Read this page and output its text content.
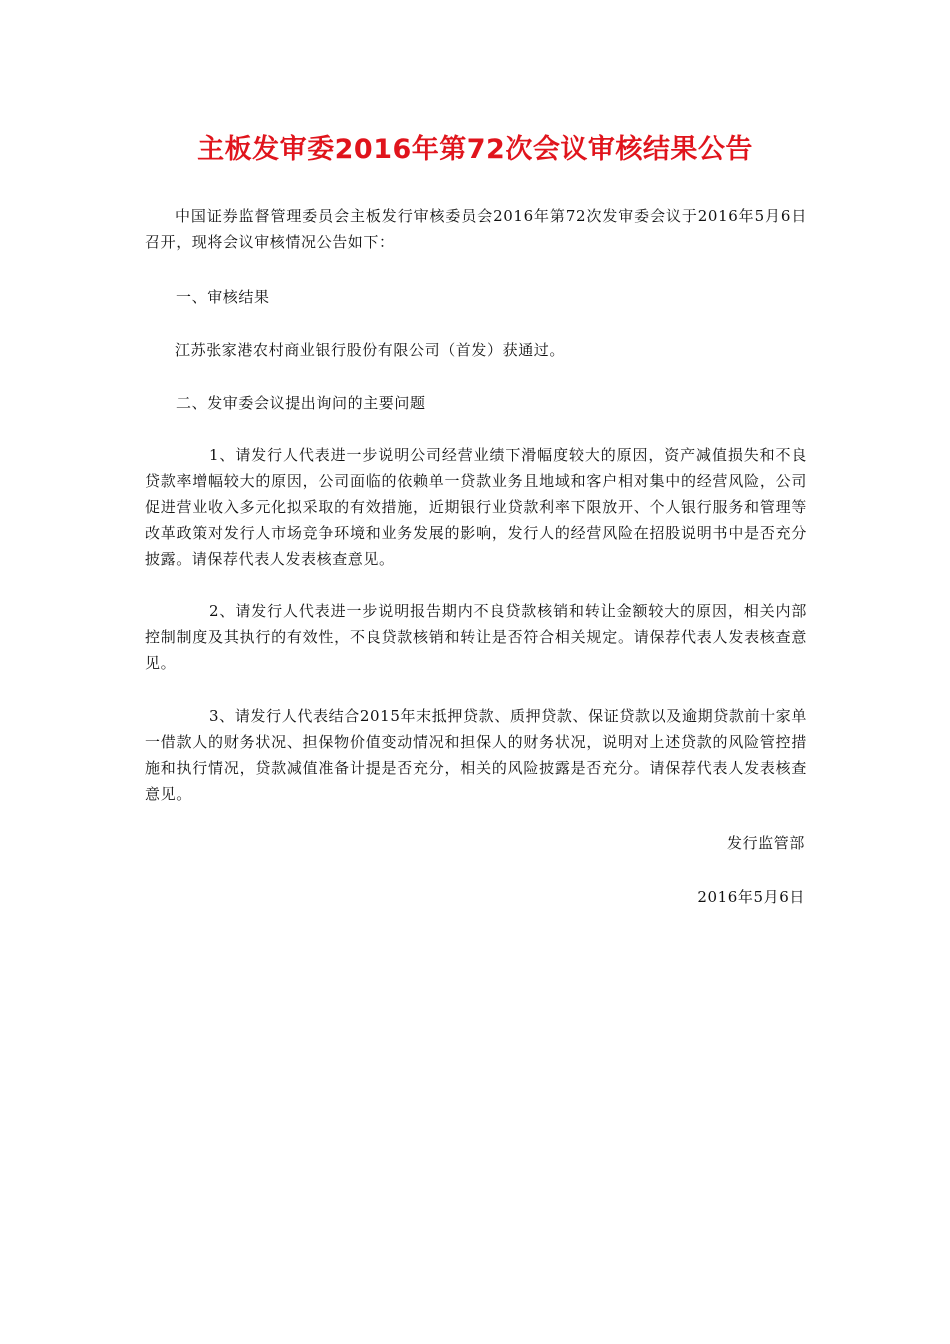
主板发审委2016年第72次会议审核结果公告

中国证券监督管理委员会主板发行审核委员会2016年第72次发审委会议于2016年5月6日召开，现将会议审核情况公告如下：

一、审核结果

江苏张家港农村商业银行股份有限公司（首发）获通过。

二、发审委会议提出询问的主要问题

1、请发行人代表进一步说明公司经营业绩下滑幅度较大的原因，资产减值损失和不良贷款率增幅较大的原因，公司面临的依赖单一贷款业务且地域和客户相对集中的经营风险，公司促进营业收入多元化拟采取的有效措施，近期银行业贷款利率下限放开、个人银行服务和管理等改革政策对发行人市场竞争环境和业务发展的影响，发行人的经营风险在招股说明书中是否充分披露。请保荐代表人发表核查意见。

2、请发行人代表进一步说明报告期内不良贷款核销和转让金额较大的原因，相关内部控制制度及其执行的有效性，不良贷款核销和转让是否符合相关规定。请保荐代表人发表核查意见。

3、请发行人代表结合2015年末抵押贷款、质押贷款、保证贷款以及逾期贷款前十家单一借款人的财务状况、担保物价值变动情况和担保人的财务状况，说明对上述贷款的风险管控措施和执行情况，贷款减值准备计提是否充分，相关的风险披露是否充分。请保荐代表人发表核查意见。

发行监管部
2016年5月6日
